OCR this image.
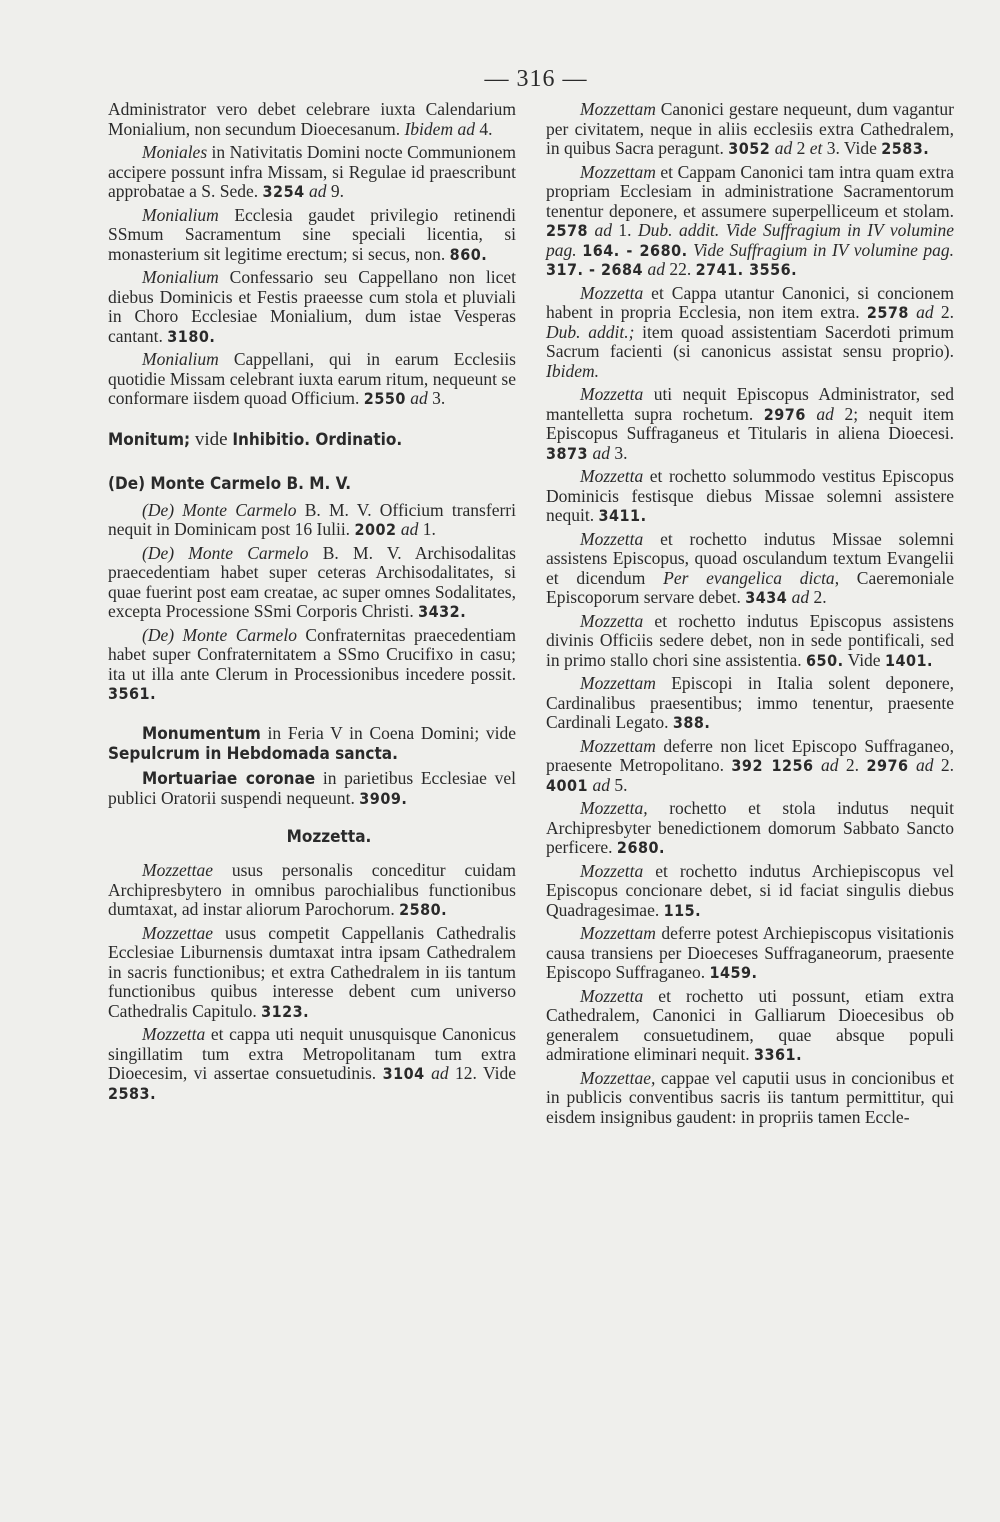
— 316 —

Administrator vero debet celebrare iuxta Calendarium Monialium, non secundum Dioecesanum. Ibidem ad 4.

Moniales in Nativitatis Domini nocte Communionem accipere possunt infra Missam, si Regulae id praescribunt approbatae a S. Sede. 3254 ad 9.

Monialium Ecclesia gaudet privilegio retinendi SSmum Sacramentum sine speciali licentia, si monasterium sit legitime erectum; si secus, non. 860.

Monialium Confessario seu Cappellano non licet diebus Dominicis et Festis praeesse cum stola et pluviali in Choro Ecclesiae Monialium, dum istae Vesperas cantant. 3180.

Monialium Cappellani, qui in earum Ecclesiis quotidie Missam celebrant iuxta earum ritum, nequeunt se conformare iisdem quoad Officium. 2550 ad 3.

Monitum; vide Inhibitio. Ordinatio.

(De) Monte Carmelo B. M. V.

(De) Monte Carmelo B. M. V. Officium transferri nequit in Dominicam post 16 Iulii. 2002 ad 1.

(De) Monte Carmelo B. M. V. Archisodalitas praecedentiam habet super ceteras Archisodalitates, si quae fuerint post eam creatae, ac super omnes Sodalitates, excepta Processione SSmi Corporis Christi. 3432.

(De) Monte Carmelo Confraternitas praecedentiam habet super Confraternitatem a SSmo Crucifixo in casu; ita ut illa ante Clerum in Processionibus incedere possit. 3561.

Monumentum in Feria V in Coena Domini; vide Sepulcrum in Hebdomada sancta.

Mortuariae coronae in parietibus Ecclesiae vel publici Oratorii suspendi nequeunt. 3909.

Mozzetta.

Mozzettae usus personalis conceditur cuidam Archipresbytero in omnibus parochialibus functionibus dumtaxat, ad instar aliorum Parochorum. 2580.

Mozzettae usus competit Cappellanis Cathedralis Ecclesiae Liburnensis dumtaxat intra ipsam Cathedralem in sacris functionibus; et extra Cathedralem in iis tantum functionibus quibus interesse debent cum universo Cathedralis Capitulo. 3123.

Mozzetta et cappa uti nequit unusquisque Canonicus singillatim tum extra Metropolitanam tum extra Dioecesim, vi assertae consuetudinis. 3104 ad 12. Vide 2583.

Mozzettam Canonici gestare nequeunt, dum vagantur per civitatem, neque in aliis ecclesiis extra Cathedralem, in quibus Sacra peragunt. 3052 ad 2 et 3. Vide 2583.

Mozzettam et Cappam Canonici tam intra quam extra propriam Ecclesiam in administratione Sacramentorum tenentur deponere, et assumere superpelliceum et stolam. 2578 ad 1. Dub. addit. Vide Suffragium in IV volumine pag. 164. - 2680. Vide Suffragium in IV volumine pag. 317. - 2684 ad 22. 2741. 3556.

Mozzetta et Cappa utantur Canonici, si concionem habent in propria Ecclesia, non item extra. 2578 ad 2. Dub. addit.; item quoad assistentiam Sacerdoti primum Sacrum facienti (si canonicus assistat sensu proprio). Ibidem.

Mozzetta uti nequit Episcopus Administrator, sed mantelletta supra rochetum. 2976 ad 2; nequit item Episcopus Suffraganeus et Titularis in aliena Dioecesi. 3873 ad 3.

Mozzetta et rochetto solummodo vestitus Episcopus Dominicis festisque diebus Missae solemni assistere nequit. 3411.

Mozzetta et rochetto indutus Missae solemni assistens Episcopus, quoad osculandum textum Evangelii et dicendum Per evangelica dicta, Caeremoniale Episcoporum servare debet. 3434 ad 2.

Mozzetta et rochetto indutus Episcopus assistens divinis Officiis sedere debet, non in sede pontificali, sed in primo stallo chori sine assistentia. 650. Vide 1401.

Mozzettam Episcopi in Italia solent deponere, Cardinalibus praesentibus; immo tenentur, praesente Cardinali Legato. 388.

Mozzettam deferre non licet Episcopo Suffraganeo, praesente Metropolitano. 392 1256 ad 2. 2976 ad 2. 4001 ad 5.

Mozzetta, rochetto et stola indutus nequit Archipresbyter benedictionem domorum Sabbato Sancto perficere. 2680.

Mozzetta et rochetto indutus Archiepiscopus vel Episcopus concionare debet, si id faciat singulis diebus Quadragesimae. 115.

Mozzettam deferre potest Archiepiscopus visitationis causa transiens per Dioeceses Suffraganeorum, praesente Episcopo Suffraganeo. 1459.

Mozzetta et rochetto uti possunt, etiam extra Cathedralem, Canonici in Galliarum Dioecesibus ob generalem consuetudinem, quae absque populi admiratione eliminari nequit. 3361.

Mozzettae, cappae vel caputii usus in concionibus et in publicis conventibus sacris iis tantum permittitur, qui eisdem insignibus gaudent: in propriis tamen Ecclе-
